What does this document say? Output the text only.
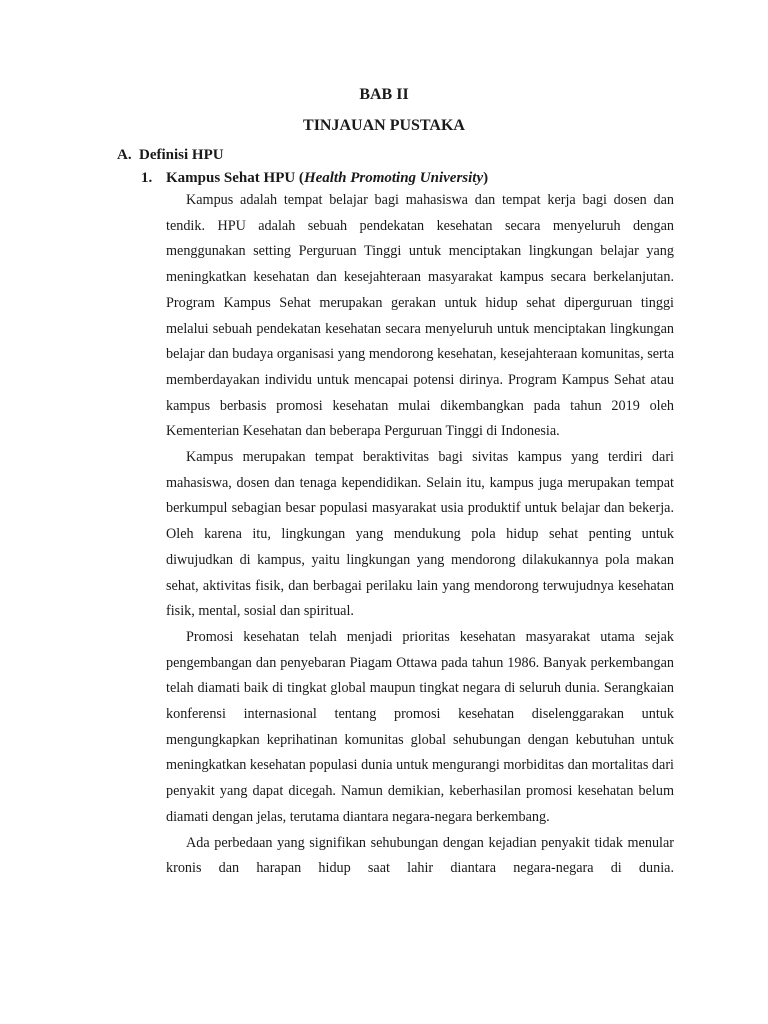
BAB II
TINJAUAN PUSTAKA
A. Definisi HPU
1. Kampus Sehat HPU (Health Promoting University)

Kampus adalah tempat belajar bagi mahasiswa dan tempat kerja bagi dosen dan tendik. HPU adalah sebuah pendekatan kesehatan secara menyeluruh dengan menggunakan setting Perguruan Tinggi untuk menciptakan lingkungan belajar yang meningkatkan kesehatan dan kesejahteraan masyarakat kampus secara berkelanjutan. Program Kampus Sehat merupakan gerakan untuk hidup sehat diperguruan tinggi melalui sebuah pendekatan kesehatan secara menyeluruh untuk menciptakan lingkungan belajar dan budaya organisasi yang mendorong kesehatan, kesejahteraan komunitas, serta memberdayakan individu untuk mencapai potensi dirinya. Program Kampus Sehat atau kampus berbasis promosi kesehatan mulai dikembangkan pada tahun 2019 oleh Kementerian Kesehatan dan beberapa Perguruan Tinggi di Indonesia.

Kampus merupakan tempat beraktivitas bagi sivitas kampus yang terdiri dari mahasiswa, dosen dan tenaga kependidikan. Selain itu, kampus juga merupakan tempat berkumpul sebagian besar populasi masyarakat usia produktif untuk belajar dan bekerja. Oleh karena itu, lingkungan yang mendukung pola hidup sehat penting untuk diwujudkan di kampus, yaitu lingkungan yang mendorong dilakukannya pola makan sehat, aktivitas fisik, dan berbagai perilaku lain yang mendorong terwujudnya kesehatan fisik, mental, sosial dan spiritual.

Promosi kesehatan telah menjadi prioritas kesehatan masyarakat utama sejak pengembangan dan penyebaran Piagam Ottawa pada tahun 1986. Banyak perkembangan telah diamati baik di tingkat global maupun tingkat negara di seluruh dunia. Serangkaian konferensi internasional tentang promosi kesehatan diselenggarakan untuk mengungkapkan keprihatinan komunitas global sehubungan dengan kebutuhan untuk meningkatkan kesehatan populasi dunia untuk mengurangi morbiditas dan mortalitas dari penyakit yang dapat dicegah. Namun demikian, keberhasilan promosi kesehatan belum diamati dengan jelas, terutama diantara negara-negara berkembang.

Ada perbedaan yang signifikan sehubungan dengan kejadian penyakit tidak menular kronis dan harapan hidup saat lahir diantara negara-negara di dunia.
